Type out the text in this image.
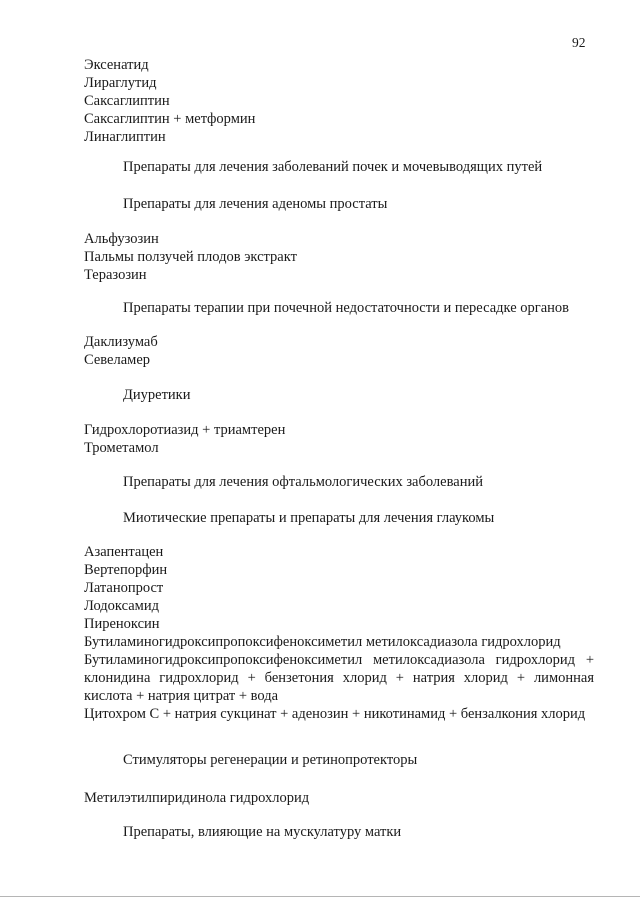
92
Эксенатид
Лираглутид
Саксаглиптин
Саксаглиптин + метформин
Линаглиптин
Препараты для лечения заболеваний почек и мочевыводящих путей
Препараты для лечения аденомы простаты
Альфузозин
Пальмы ползучей плодов экстракт
Теразозин
Препараты терапии при почечной недостаточности и пересадке органов
Даклизумаб
Севеламер
Диуретики
Гидрохлоротиазид + триамтерен
Трометамол
Препараты для лечения офтальмологических заболеваний
Миотические препараты и препараты для лечения глаукомы
Азапентацен
Вертепорфин
Латанопрост
Лодоксамид
Пиреноксин
Бутиламиногидроксипропоксифеноксиметил метилоксадиазола гидрохлорид
Бутиламиногидроксипропоксифеноксиметил метилоксадиазола гидрохлорид + клонидина гидрохлорид + бензетония хлорид + натрия хлорид + лимонная кислота + натрия цитрат + вода
Цитохром С + натрия сукцинат + аденозин + никотинамид + бензалкония хлорид
Стимуляторы регенерации и ретинопротекторы
Метилэтилпиридинола гидрохлорид
Препараты, влияющие на мускулатуру матки
